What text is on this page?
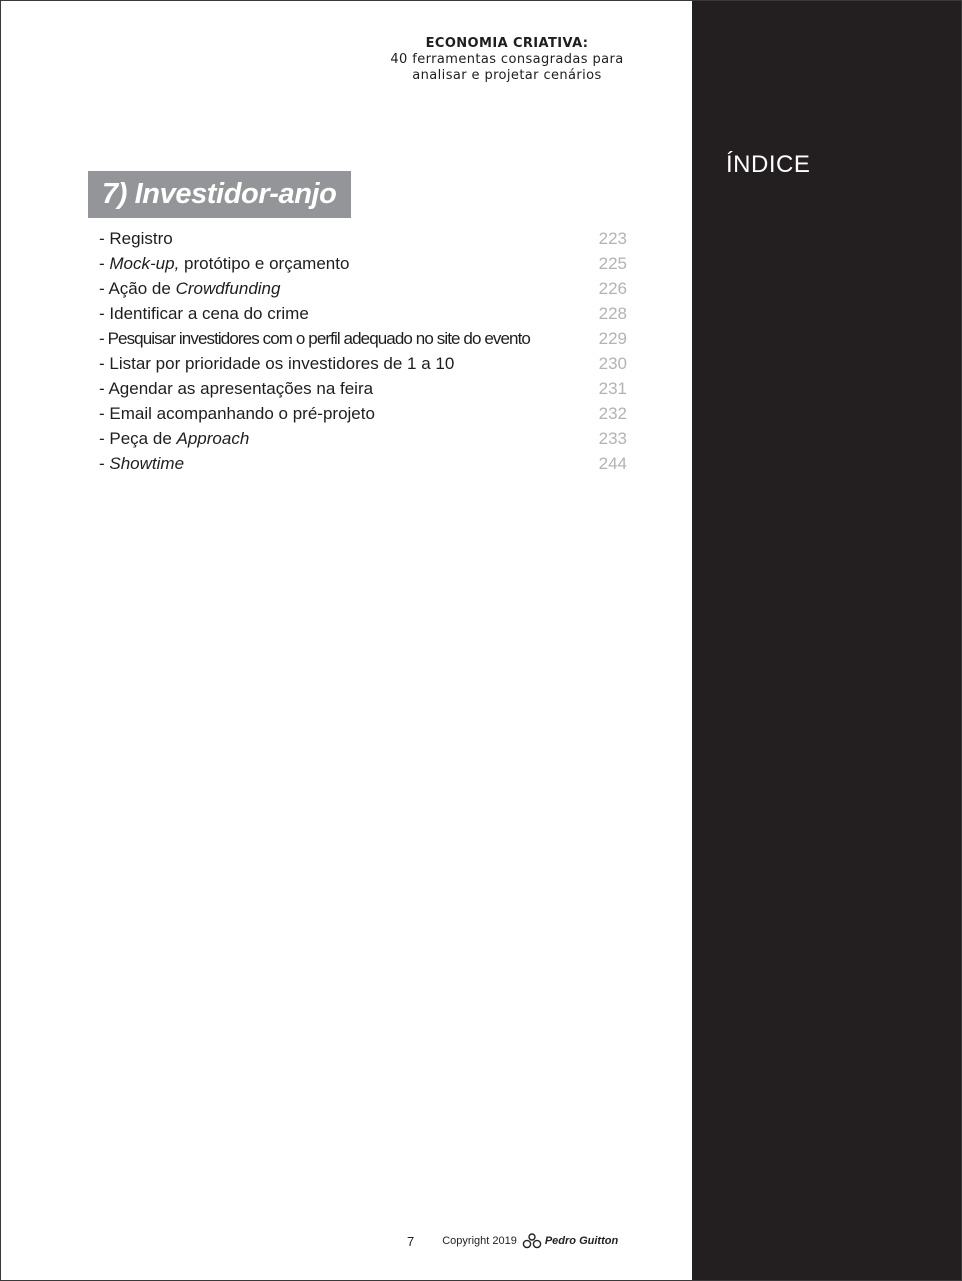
ECONOMIA CRIATIVA:
40 ferramentas consagradas para
analisar e projetar cenários
7) Investidor-anjo
- Registro	223
- Mock-up, protótipo e orçamento	225
- Ação de Crowdfunding	226
- Identificar a cena do crime	228
- Pesquisar investidores com o perfil adequado no site do evento	229
- Listar por prioridade os investidores de 1 a 10	230
- Agendar as apresentações na feira	231
- Email acompanhando o pré-projeto	232
- Peça de Approach	233
- Showtime	244
7	Copyright 2019	Pedro Guitton
ÍNDICE
